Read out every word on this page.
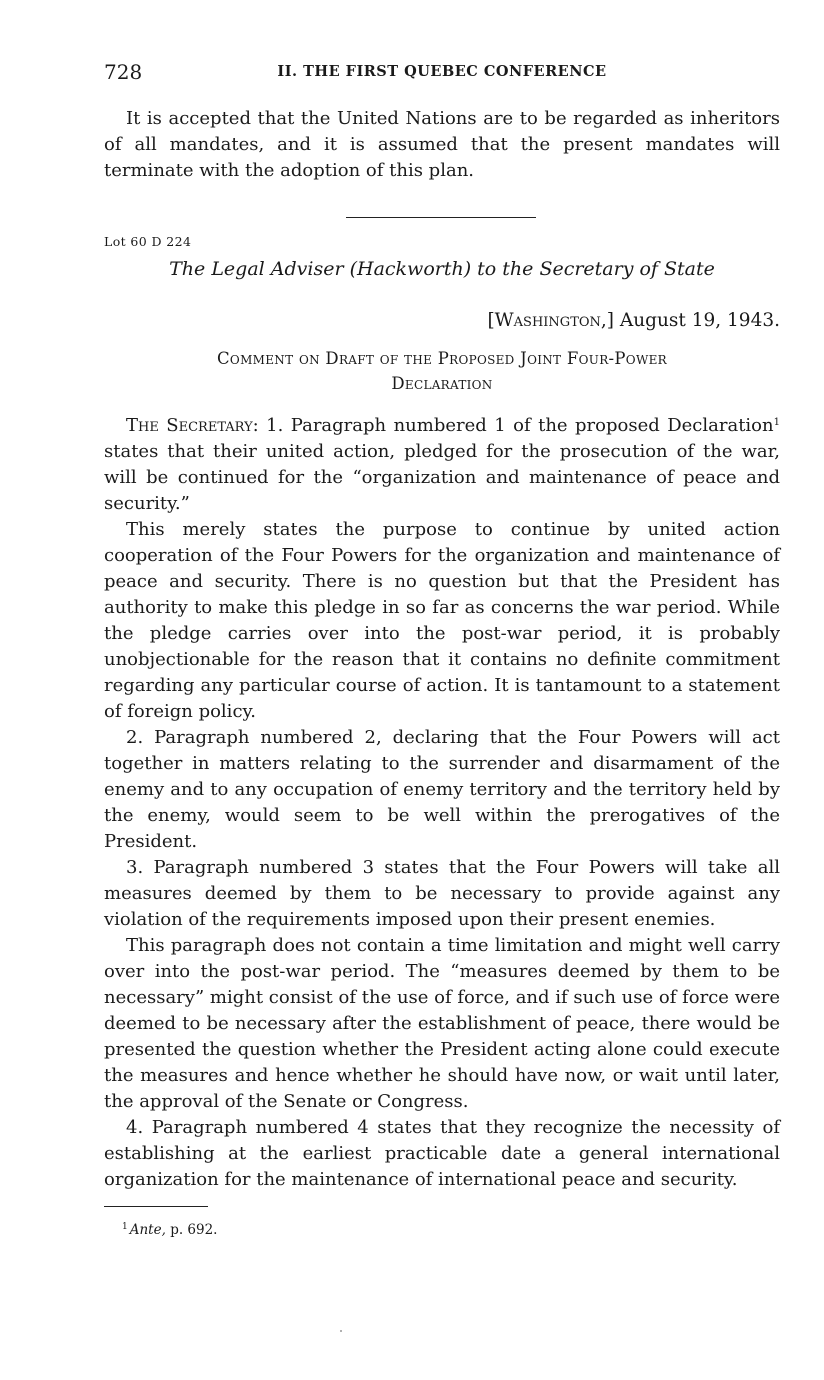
728	II. THE FIRST QUEBEC CONFERENCE

It is accepted that the United Nations are to be regarded as inheritors of all mandates, and it is assumed that the present mandates will terminate with the adoption of this plan.

Lot 60 D 224
The Legal Adviser (Hackworth) to the Secretary of State
[Washington,] August 19, 1943.
Comment on Draft of the Proposed Joint Four-Power
Declaration

The Secretary: 1. Paragraph numbered 1 of the proposed Declaration$^1$ states that their united action, pledged for the prosecution of the war, will be continued for the “organization and maintenance of peace and security.”

This merely states the purpose to continue by united action cooperation of the Four Powers for the organization and maintenance of peace and security. There is no question but that the President has authority to make this pledge in so far as concerns the war period. While the pledge carries over into the post-war period, it is probably unobjectionable for the reason that it contains no definite commitment regarding any particular course of action. It is tantamount to a statement of foreign policy.

2. Paragraph numbered 2, declaring that the Four Powers will act together in matters relating to the surrender and disarmament of the enemy and to any occupation of enemy territory and the territory held by the enemy, would seem to be well within the prerogatives of the President.

3. Paragraph numbered 3 states that the Four Powers will take all measures deemed by them to be necessary to provide against any violation of the requirements imposed upon their present enemies.

This paragraph does not contain a time limitation and might well carry over into the post-war period. The “measures deemed by them to be necessary” might consist of the use of force, and if such use of force were deemed to be necessary after the establishment of peace, there would be presented the question whether the President acting alone could execute the measures and hence whether he should have now, or wait until later, the approval of the Senate or Congress.

4. Paragraph numbered 4 states that they recognize the necessity of establishing at the earliest practicable date a general international organization for the maintenance of international peace and security.

$^1$ Ante, p. 692.
